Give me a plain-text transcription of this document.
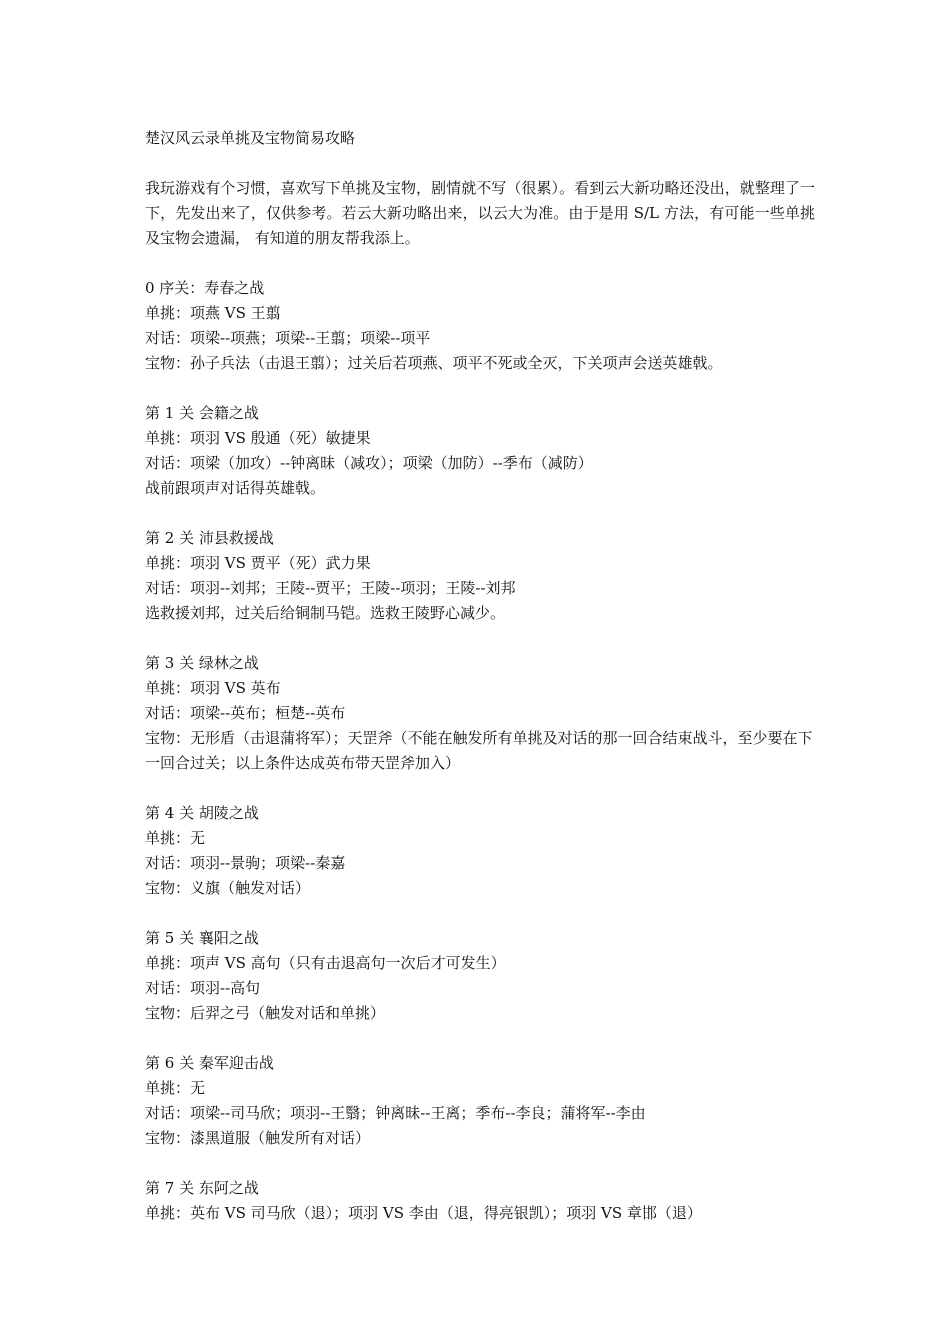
楚汉风云录单挑及宝物简易攻略

我玩游戏有个习惯，喜欢写下单挑及宝物，剧情就不写（很累）。看到云大新功略还没出，就整理了一下，先发出来了，仅供参考。若云大新功略出来，以云大为准。由于是用 S/L 方法，有可能一些单挑及宝物会遗漏， 有知道的朋友帮我添上。

0 序关：寿春之战
单挑：项燕 VS 王翦
对话：项梁--项燕；项梁--王翦；项梁--项平
宝物：孙子兵法（击退王翦）；过关后若项燕、项平不死或全灭，下关项声会送英雄戟。
第 1 关 会籍之战
单挑：项羽 VS 殷通（死）敏捷果
对话：项梁（加攻）--钟离昧（减攻）；项梁（加防）--季布（减防）
战前跟项声对话得英雄戟。
第 2 关 沛县救援战
单挑：项羽 VS 贾平（死）武力果
对话：项羽--刘邦；王陵--贾平；王陵--项羽；王陵--刘邦
选救援刘邦，过关后给铜制马铠。选救王陵野心减少。
第 3 关 绿林之战
单挑：项羽 VS 英布
对话：项梁--英布；桓楚--英布
宝物：无形盾（击退蒲将军）；天罡斧（不能在触发所有单挑及对话的那一回合结束战斗，至少要在下一回合过关；以上条件达成英布带天罡斧加入）
第 4 关 胡陵之战
单挑：无
对话：项羽--景驹；项梁--秦嘉
宝物：义旗（触发对话）
第 5 关 襄阳之战
单挑：项声 VS 高句（只有击退高句一次后才可发生）
对话：项羽--高句
宝物：后羿之弓（触发对话和单挑）
第 6 关 秦军迎击战
单挑：无
对话：项梁--司马欣；项羽--王翳；钟离昧--王离；季布--李良；蒲将军--李由
宝物：漆黑道服（触发所有对话）
第 7 关 东阿之战
单挑：英布 VS 司马欣（退）；项羽 VS 李由（退，得亮银凯）；项羽 VS 章邯（退）
